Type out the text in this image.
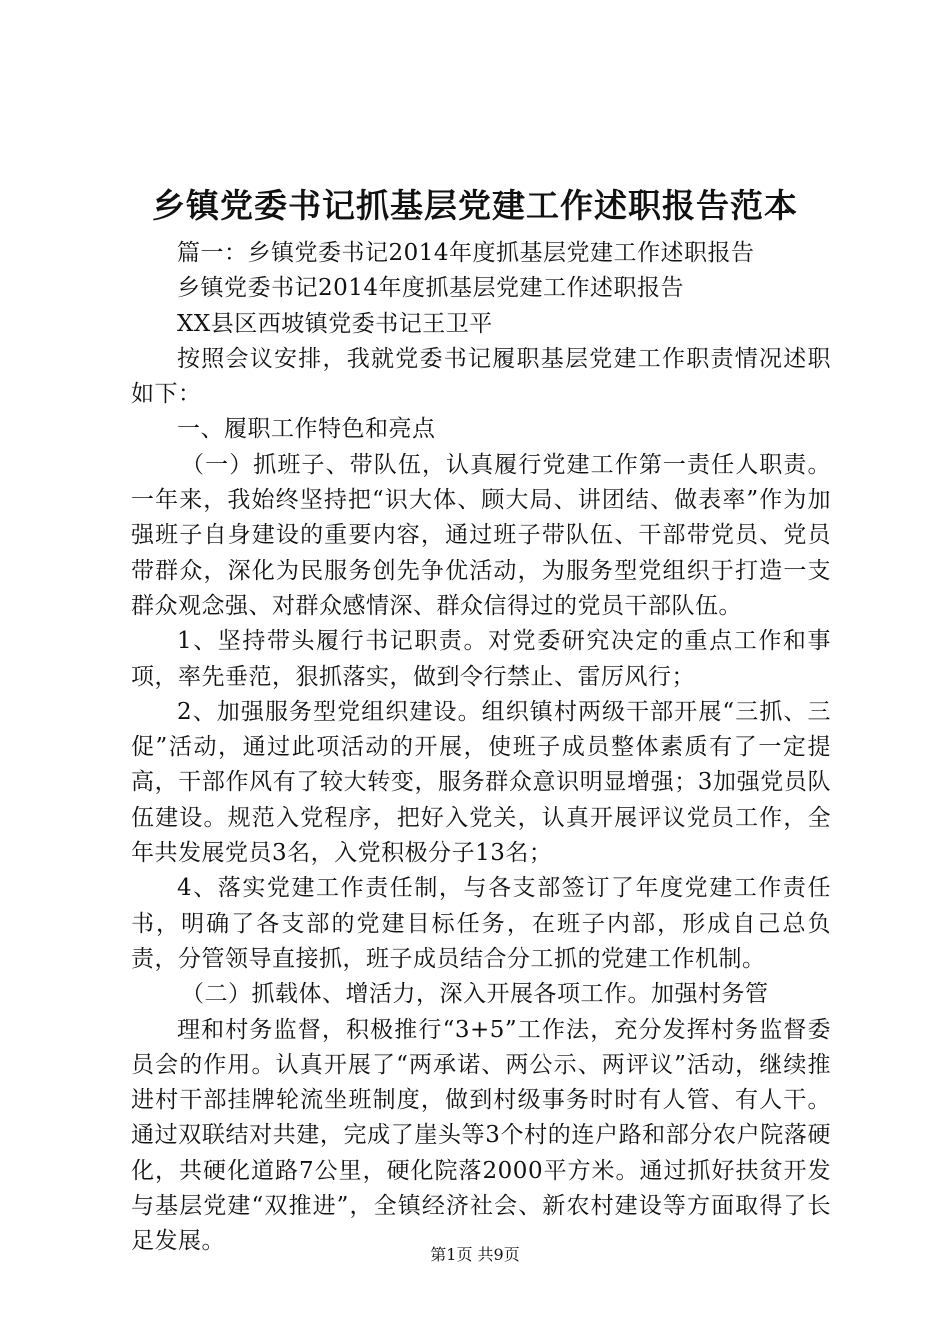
乡镇党委书记抓基层党建工作述职报告范本

篇一：乡镇党委书记2014年度抓基层党建工作述职报告

乡镇党委书记2014年度抓基层党建工作述职报告

XX县区西坡镇党委书记王卫平

按照会议安排，我就党委书记履职基层党建工作职责情况述职如下：

一、履职工作特色和亮点

（一）抓班子、带队伍，认真履行党建工作第一责任人职责。一年来，我始终坚持把“识大体、顾大局、讲团结、做表率”作为加强班子自身建设的重要内容，通过班子带队伍、干部带党员、党员带群众，深化为民服务创先争优活动，为服务型党组织于打造一支群众观念强、对群众感情深、群众信得过的党员干部队伍。

1、坚持带头履行书记职责。对党委研究决定的重点工作和事项，率先垂范，狠抓落实，做到令行禁止、雷厉风行；

2、加强服务型党组织建设。组织镇村两级干部开展“三抓、三促”活动，通过此项活动的开展，使班子成员整体素质有了一定提高，干部作风有了较大转变，服务群众意识明显增强；3加强党员队伍建设。规范入党程序，把好入党关，认真开展评议党员工作，全年共发展党员3名，入党积极分子13名；

4、落实党建工作责任制，与各支部签订了年度党建工作责任书，明确了各支部的党建目标任务，在班子内部，形成自己总负责，分管领导直接抓，班子成员结合分工抓的党建工作机制。

（二）抓载体、增活力，深入开展各项工作。加强村务管

理和村务监督，积极推行“3+5”工作法，充分发挥村务监督委员会的作用。认真开展了“两承诺、两公示、两评议”活动，继续推进村干部挂牌轮流坐班制度，做到村级事务时时有人管、有人干。通过双联结对共建，完成了崖头等3个村的连户路和部分农户院落硬化，共硬化道路7公里，硬化院落2000平方米。通过抓好扶贫开发与基层党建“双推进”，全镇经济社会、新农村建设等方面取得了长足发展。

第1页 共9页
